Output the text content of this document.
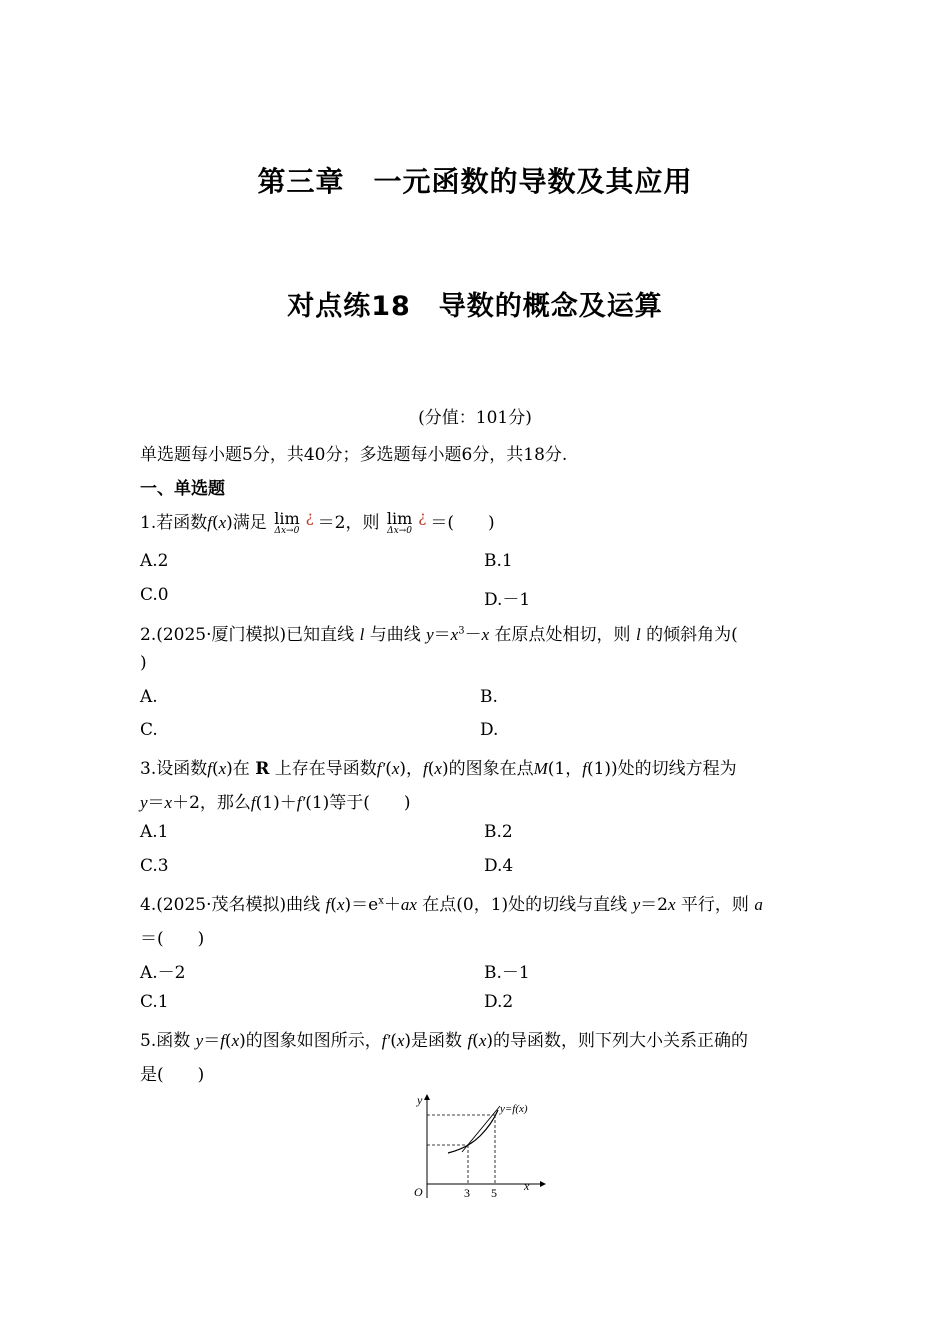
第三章　一元函数的导数及其应用
对点练18　导数的概念及运算
(分值：101分)
单选题每小题5分，共40分；多选题每小题6分，共18分.
一、单选题
1.若函数f(x)满足 lim
Δx→0
¿ ＝2，则 lim
Δx→0
¿ ＝(　　)
A.2	B.1
C.0	D.－1
2.(2025·厦门模拟)已知直线 l 与曲线 $y=x^3-x$ 在原点处相切，则 l 的倾斜角为(
)
A.	B.
C.	D.
3.设函数f(x)在 R 上存在导函数f′(x)，f(x)的图象在点M(1，f(1))处的切线方程为
y＝x＋2，那么f(1)＋f′(1)等于(　　)
A.1	B.2
C.3	D.4
4.(2025·茂名模拟)曲线 $f(x)=e^x+ax$ 在点(0，1)处的切线与直线 y＝2x 平行，则 a
＝(　　)
A.－2	B.－1
C.1	D.2
5.函数 y＝f(x)的图象如图所示，f′(x)是函数 f(x)的导函数，则下列大小关系正确的
是(　　)
y
x
O	3 5
y=f(x)
